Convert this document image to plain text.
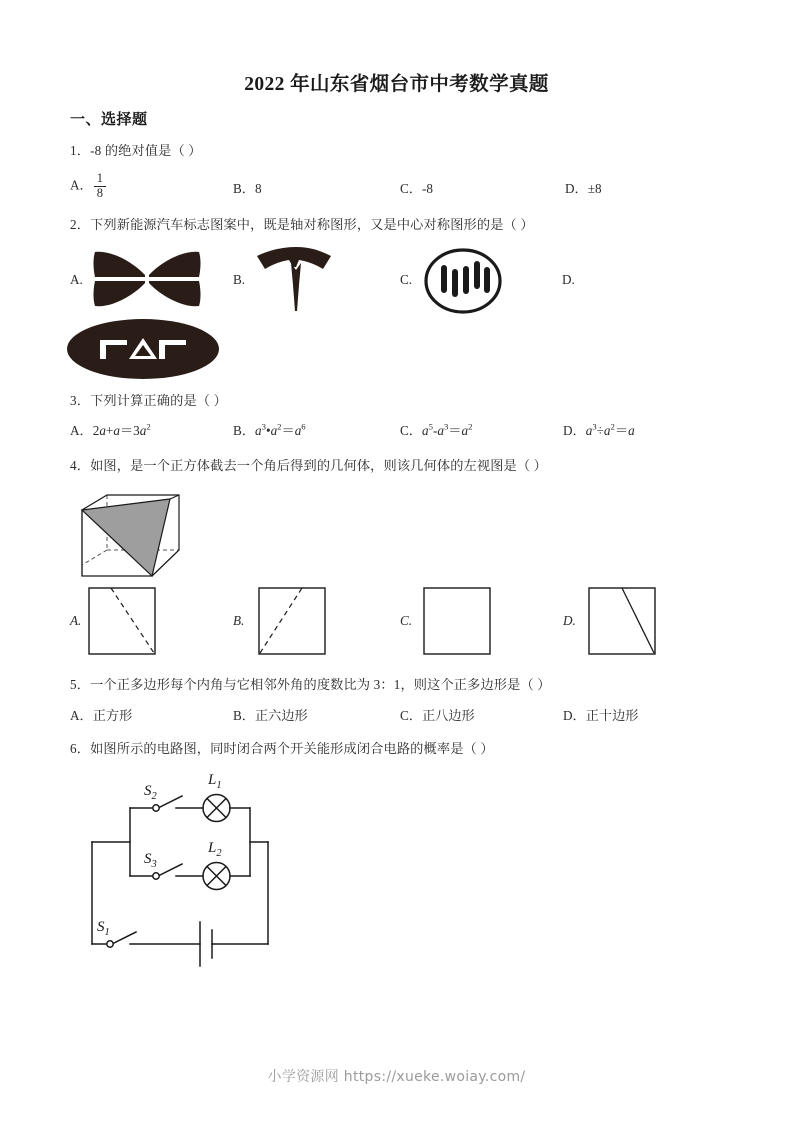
2022 年山东省烟台市中考数学真题
一、选择题
1．‐8 的绝对值是（ ）
A． $\frac{1}{8}$	B．8	C．‐8	D．±8
2．下列新能源汽车标志图案中，既是轴对称图形，又是中心对称图形的是（ ）
A.	B.	C.	D.
3．下列计算正确的是（ ）
A．$2a+a=3a^2$	B．$a^3•a^2=a^6$	C．$a^5‐a^3=a^2$	D．$a^3\div a^2=a$
4．如图，是一个正方体截去一个角后得到的几何体，则该几何体的左视图是（ ）
A.	B.	C.	D.
5．一个正多边形每个内角与它相邻外角的度数比为 3：1，则这个正多边形是（ ）
A．正方形	B．正六边形	C．正八边形	D．正十边形
6．如图所示的电路图，同时闭合两个开关能形成闭合电路的概率是（ ）
$S_2$
$S_3$
$S_1$
$L_1$
$L_2$
小学资源网 https://xueke.woiay.com/
